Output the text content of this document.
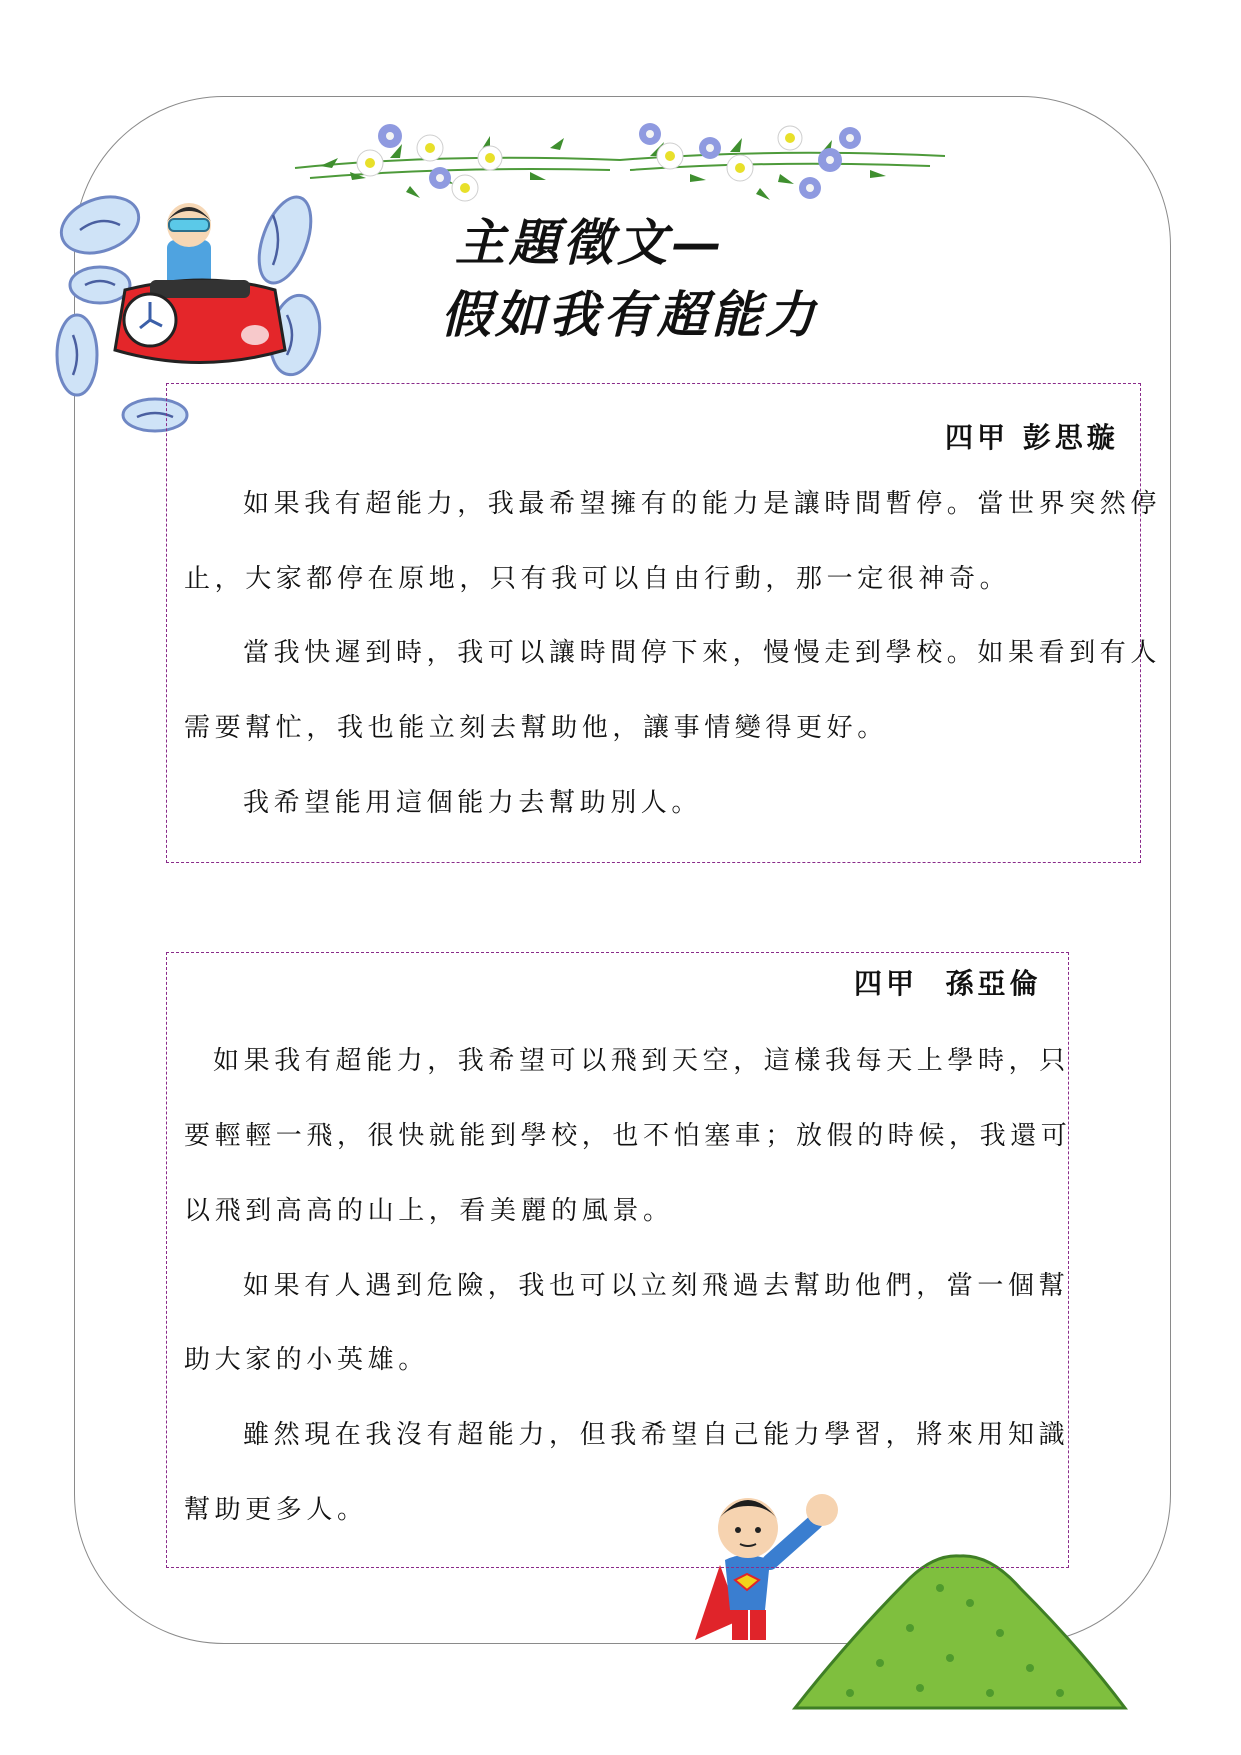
主題徵文—
假如我有超能力
四甲 彭思璇
如果我有超能力，我最希望擁有的能力是讓時間暫停。當世界突然停
止，大家都停在原地，只有我可以自由行動，那一定很神奇。
當我快遲到時，我可以讓時間停下來，慢慢走到學校。如果看到有人
需要幫忙，我也能立刻去幫助他，讓事情變得更好。
我希望能用這個能力去幫助別人。
四甲  孫亞倫
如果我有超能力，我希望可以飛到天空，這樣我每天上學時，只
要輕輕一飛，很快就能到學校，也不怕塞車；放假的時候，我還可
以飛到高高的山上，看美麗的風景。
如果有人遇到危險，我也可以立刻飛過去幫助他們，當一個幫
助大家的小英雄。
雖然現在我沒有超能力，但我希望自己能力學習，將來用知識
幫助更多人。
